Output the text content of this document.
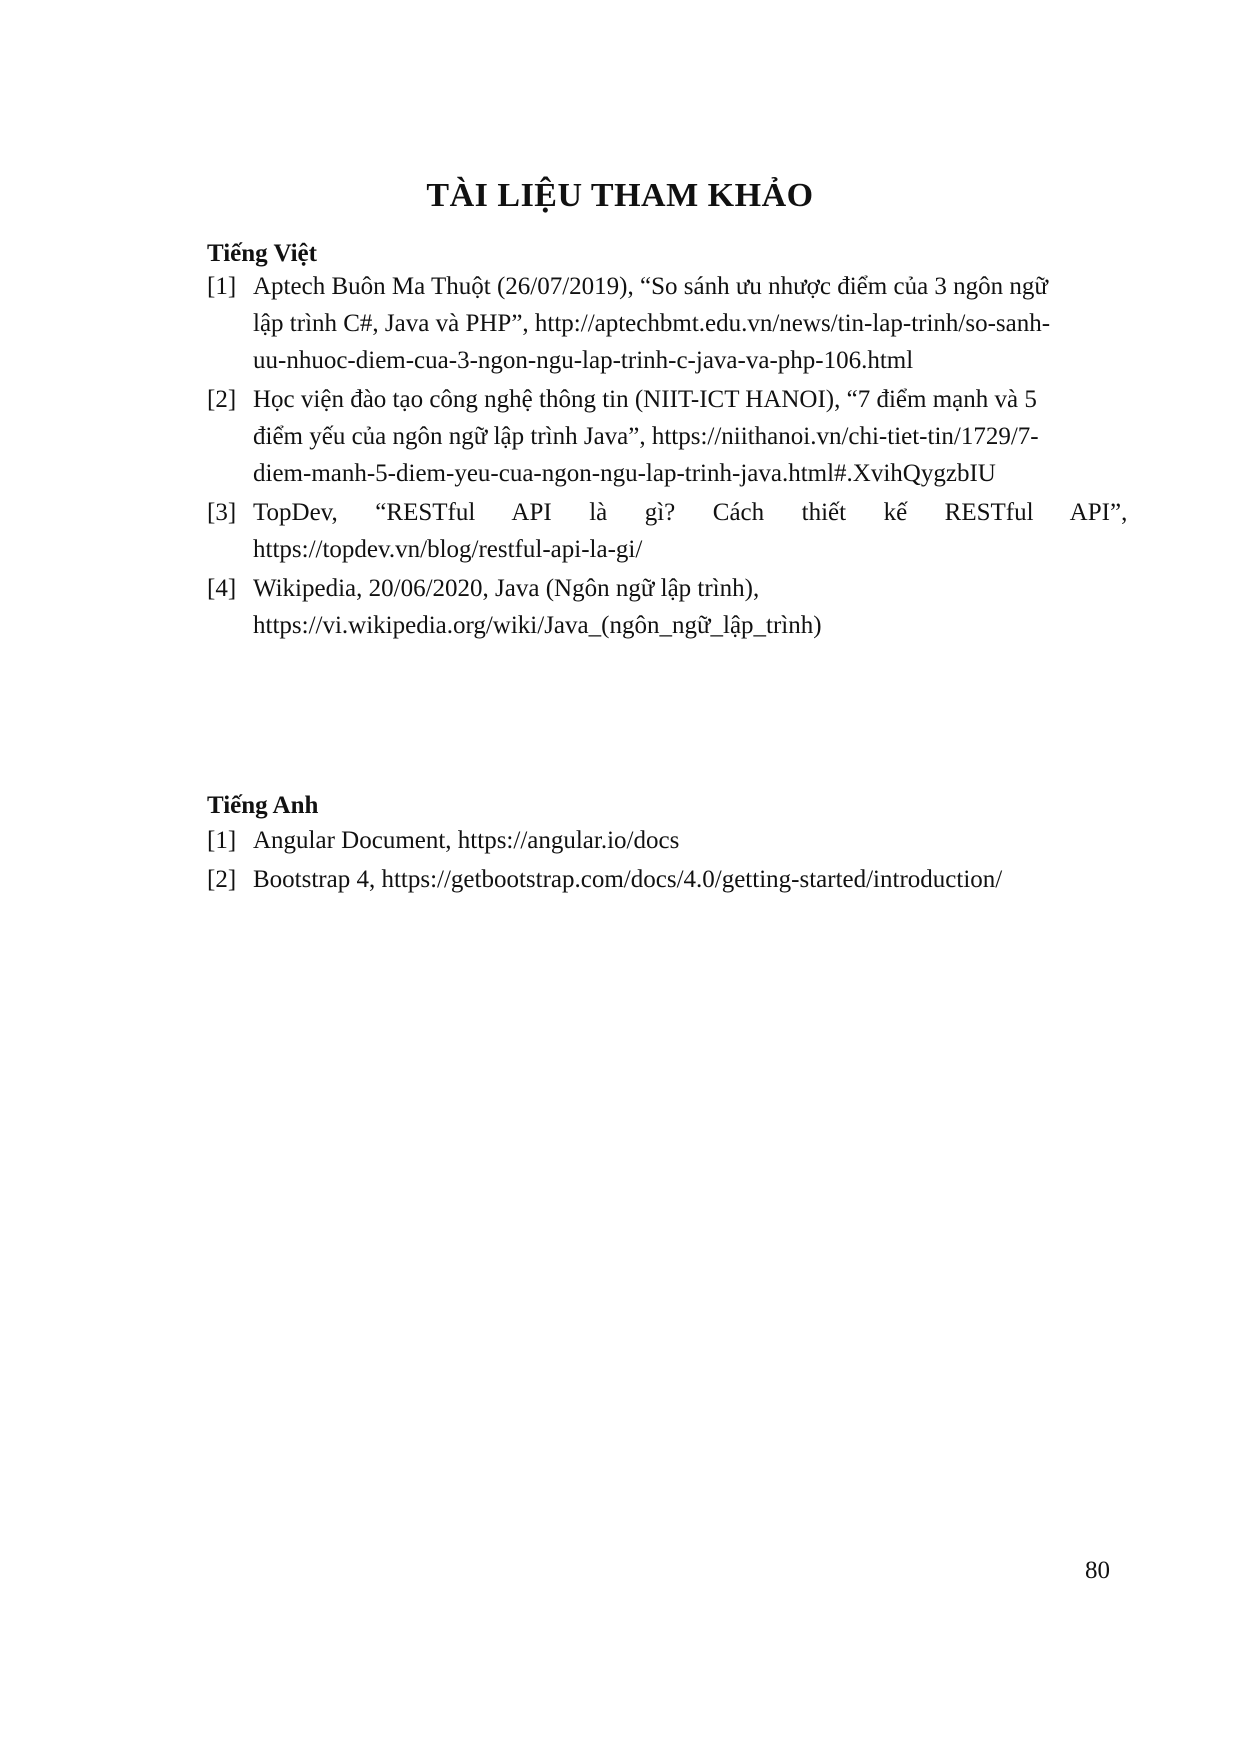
TÀI LIỆU THAM KHẢO
Tiếng Việt
[1] Aptech Buôn Ma Thuột (26/07/2019), “So sánh ưu nhược điểm của 3 ngôn ngữ
lập trình C#, Java và PHP”, http://aptechbmt.edu.vn/news/tin-lap-trinh/so-sanh-
uu-nhuoc-diem-cua-3-ngon-ngu-lap-trinh-c-java-va-php-106.html
[2] Học viện đào tạo công nghệ thông tin (NIIT-ICT HANOI), “7 điểm mạnh và 5
điểm yếu của ngôn ngữ lập trình Java”, https://niithanoi.vn/chi-tiet-tin/1729/7-
diem-manh-5-diem-yeu-cua-ngon-ngu-lap-trinh-java.html#.XvihQygzbIU
[3] TopDev,      “RESTful      API      là      gì?      Cách      thiết      kế      RESTful      API”,
https://topdev.vn/blog/restful-api-la-gi/
[4] Wikipedia, 20/06/2020, Java (Ngôn ngữ lập trình),
https://vi.wikipedia.org/wiki/Java_(ngôn_ngữ_lập_trình)
Tiếng Anh
[1] Angular Document, https://angular.io/docs
[2] Bootstrap 4, https://getbootstrap.com/docs/4.0/getting-started/introduction/
80
